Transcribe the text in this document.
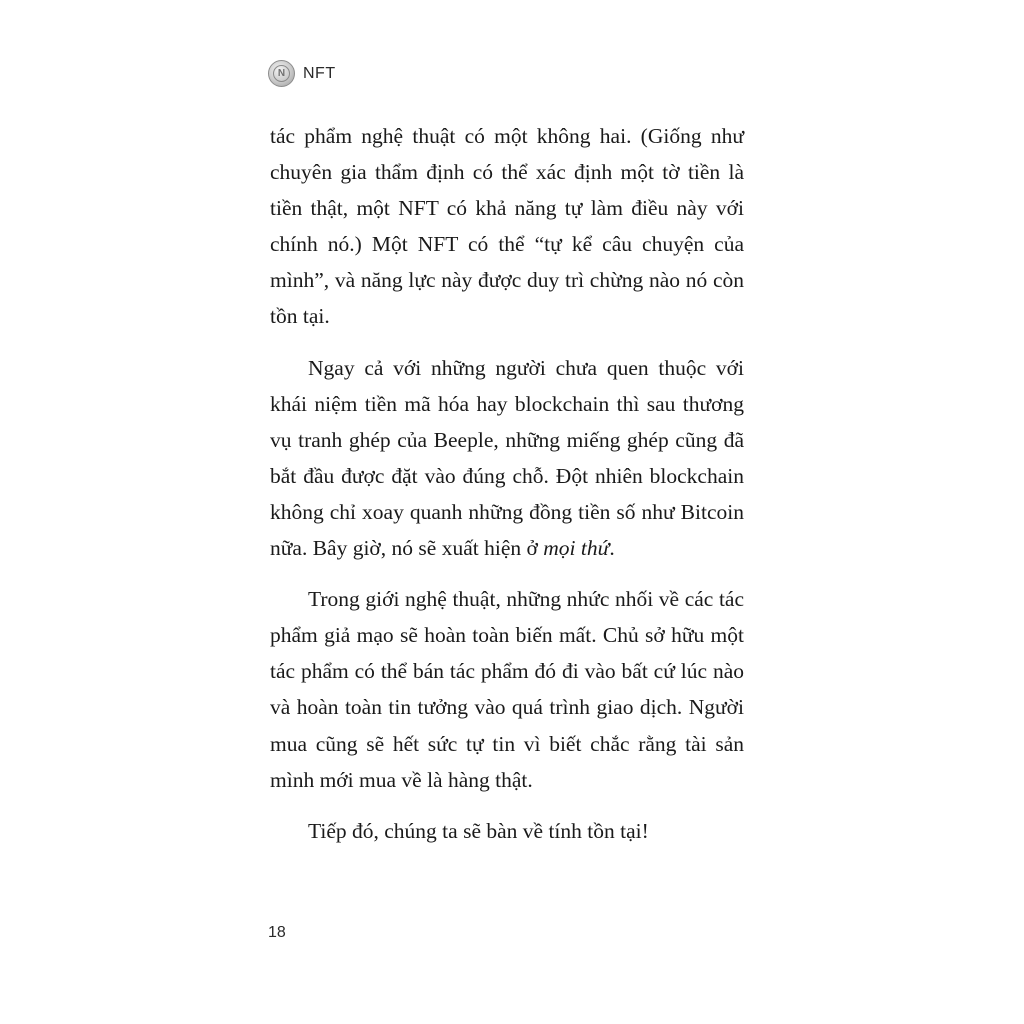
N	NFT

tác phẩm nghệ thuật có một không hai. (Giống như chuyên gia thẩm định có thể xác định một tờ tiền là tiền thật, một NFT có khả năng tự làm điều này với chính nó.) Một NFT có thể “tự kể câu chuyện của mình”, và năng lực này được duy trì chừng nào nó còn tồn tại.

Ngay cả với những người chưa quen thuộc với khái niệm tiền mã hóa hay blockchain thì sau thương vụ tranh ghép của Beeple, những miếng ghép cũng đã bắt đầu được đặt vào đúng chỗ. Đột nhiên blockchain không chỉ xoay quanh những đồng tiền số như Bitcoin nữa. Bây giờ, nó sẽ xuất hiện ở mọi thứ.

Trong giới nghệ thuật, những nhức nhối về các tác phẩm giả mạo sẽ hoàn toàn biến mất. Chủ sở hữu một tác phẩm có thể bán tác phẩm đó đi vào bất cứ lúc nào và hoàn toàn tin tưởng vào quá trình giao dịch. Người mua cũng sẽ hết sức tự tin vì biết chắc rằng tài sản mình mới mua về là hàng thật.

Tiếp đó, chúng ta sẽ bàn về tính tồn tại!

18
